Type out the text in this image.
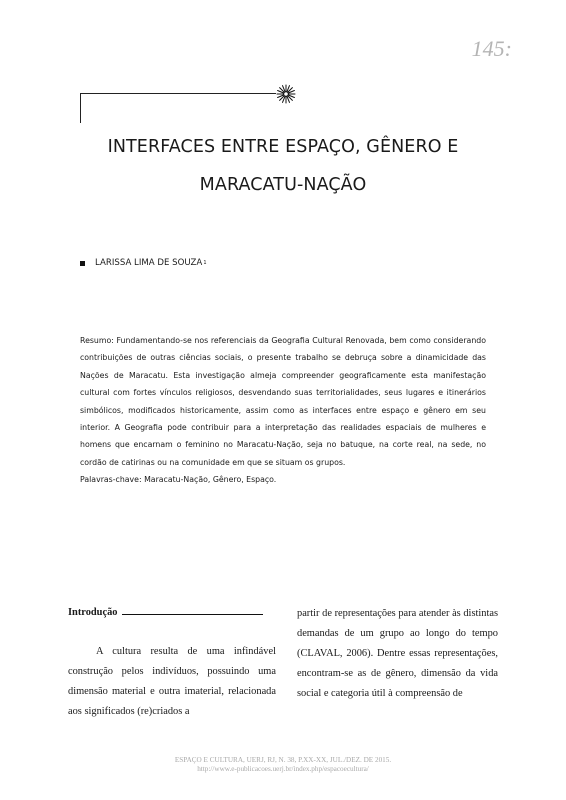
145:
INTERFACES ENTRE ESPAÇO, GÊNERO E
MARACATU-NAÇÃO
LARISSA LIMA DE SOUZA 1

Resumo: Fundamentando-se nos referenciais da Geografia Cultural Renovada, bem como considerando contribuições de outras ciências sociais, o presente trabalho se debruça sobre a dinamicidade das Nações de Maracatu. Esta investigação almeja compreender geograficamente esta manifestação cultural com fortes vínculos religiosos, desvendando suas territorialidades, seus lugares e itinerários simbólicos, modificados historicamente, assim como as interfaces entre espaço e gênero em seu interior. A Geografia pode contribuir para a interpretação das realidades espaciais de mulheres e homens que encarnam o feminino no Maracatu-Nação, seja no batuque, na corte real, na sede, no cordão de catirinas ou na comunidade em que se situam os grupos.

Palavras-chave: Maracatu-Nação, Gênero, Espaço.
Introdução
A cultura resulta de uma infindável construção pelos indivíduos, possuindo uma dimensão material e outra imaterial, relacionada aos significados (re)criados a
partir de representações para atender às distintas demandas de um grupo ao longo do tempo (CLAVAL, 2006). Dentre essas representações, encontram-se as de gênero, dimensão da vida social e categoria útil à compreensão de
ESPAÇO E CULTURA, UERJ, RJ, N. 38, P.XX-XX, JUL./DEZ. DE 2015.
http://www.e-publicacoes.uerj.br/index.php/espacoecultura/
